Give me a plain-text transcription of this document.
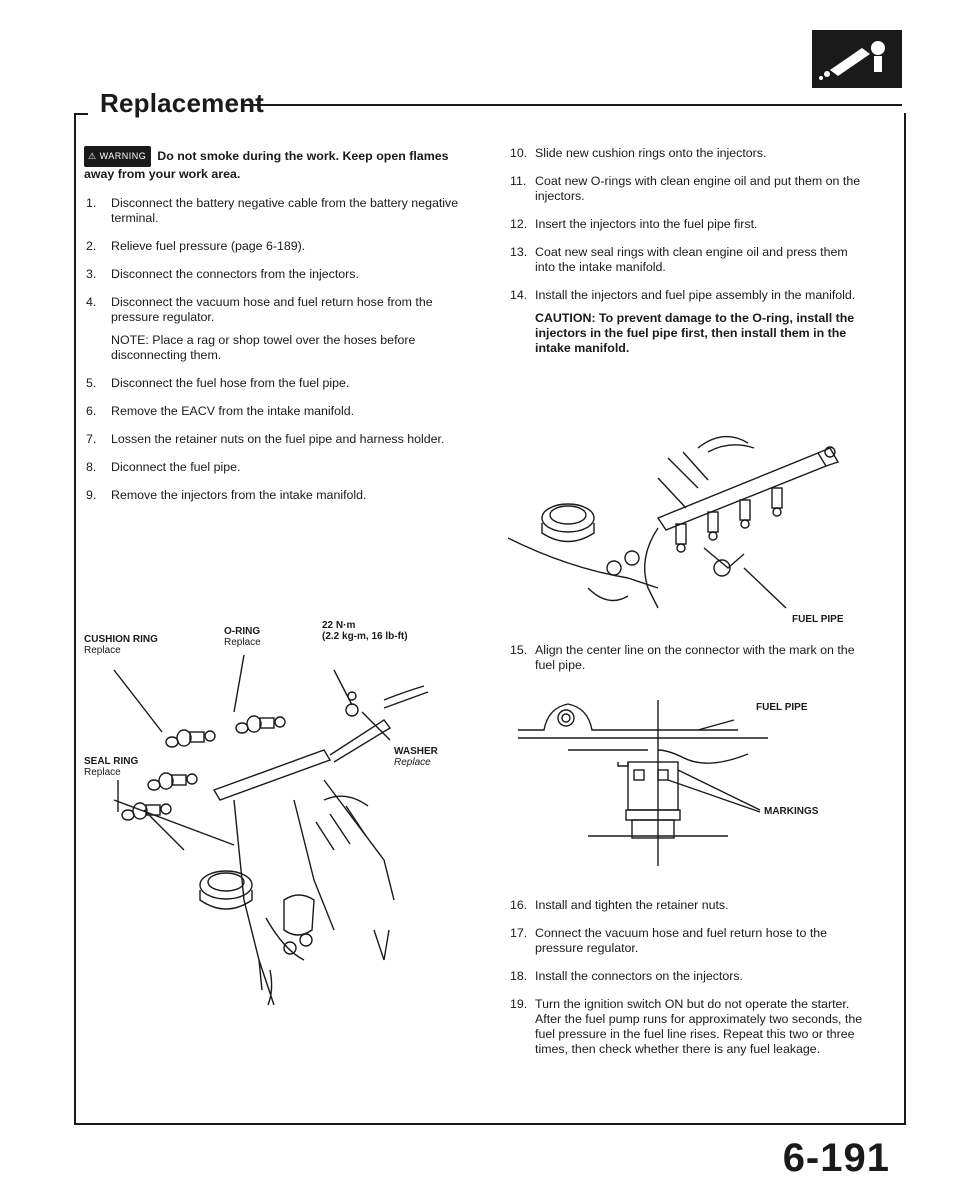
Replacement

⚠ WARNING Do not smoke during the work. Keep open flames away from your work area.

1. Disconnect the battery negative cable from the battery negative terminal.
2. Relieve fuel pressure (page 6-189).
3. Disconnect the connectors from the injectors.
4. Disconnect the vacuum hose and fuel return hose from the pressure regulator.
NOTE: Place a rag or shop towel over the hoses before disconnecting them.
5. Disconnect the fuel hose from the fuel pipe.
6. Remove the EACV from the intake manifold.
7. Lossen the retainer nuts on the fuel pipe and harness holder.
8. Diconnect the fuel pipe.
9. Remove the injectors from the intake manifold.
CUSHION RING
Replace
O-RING
Replace
22 N·m
(2.2 kg-m, 16 lb-ft)
SEAL RING
Replace
WASHER
Replace
10. Slide new cushion rings onto the injectors.
11. Coat new O-rings with clean engine oil and put them on the injectors.
12. Insert the injectors into the fuel pipe first.
13. Coat new seal rings with clean engine oil and press them into the intake manifold.
14. Install the injectors and fuel pipe assembly in the manifold.
CAUTION: To prevent damage to the O-ring, install the injectors in the fuel pipe first, then install them in the intake manifold.
FUEL PIPE
15. Align the center line on the connector with the mark on the fuel pipe.
FUEL PIPE
MARKINGS
16. Install and tighten the retainer nuts.
17. Connect the vacuum hose and fuel return hose to the pressure regulator.
18. Install the connectors on the injectors.
19. Turn the ignition switch ON but do not operate the starter. After the fuel pump runs for approximately two seconds, the fuel pressure in the fuel line rises. Repeat this two or three times, then check whether there is any fuel leakage.
6-191
